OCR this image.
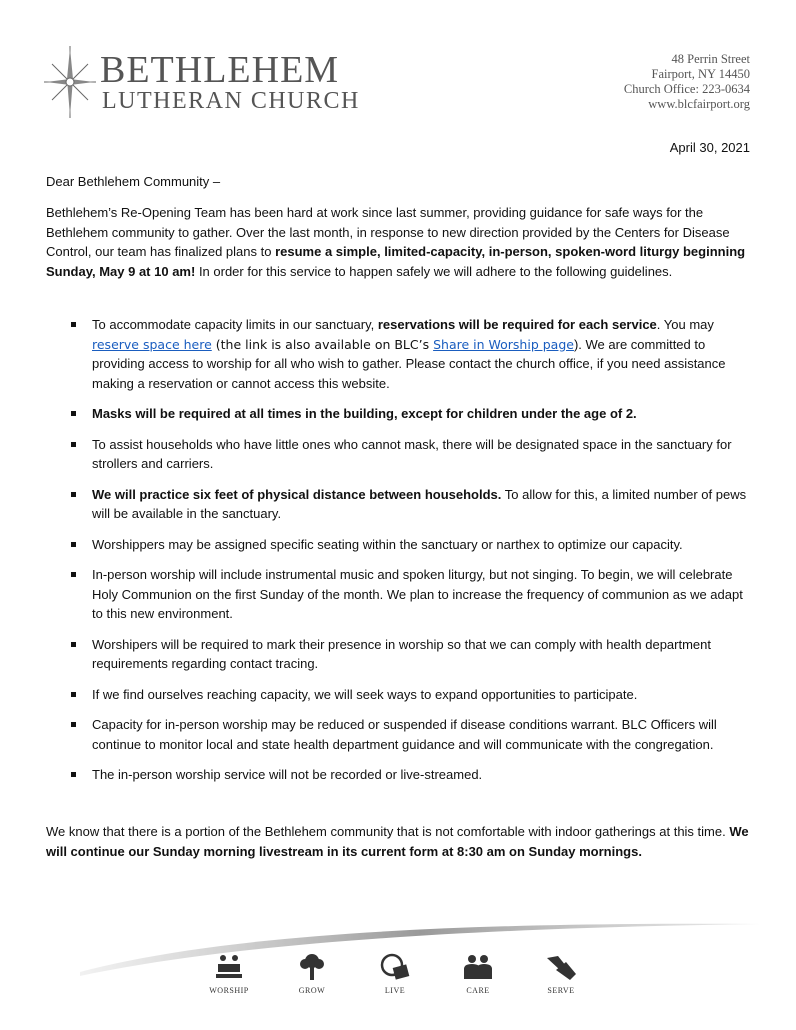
BETHLEHEM
LUTHERAN CHURCH
48 Perrin Street
Fairport, NY 14450
Church Office: 223-0634
www.blcfairport.org
April 30, 2021
Dear Bethlehem Community –
Bethlehem’s Re-Opening Team has been hard at work since last summer, providing guidance for safe ways for the Bethlehem community to gather. Over the last month, in response to new direction provided by the Centers for Disease Control, our team has finalized plans to resume a simple, limited-capacity, in-person, spoken-word liturgy beginning Sunday, May 9 at 10 am! In order for this service to happen safely we will adhere to the following guidelines.
To accommodate capacity limits in our sanctuary, reservations will be required for each service. You may reserve space here (the link is also available on BLC’s Share in Worship page). We are committed to providing access to worship for all who wish to gather. Please contact the church office, if you need assistance making a reservation or cannot access this website.
Masks will be required at all times in the building, except for children under the age of 2.
To assist households who have little ones who cannot mask, there will be designated space in the sanctuary for strollers and carriers.
We will practice six feet of physical distance between households. To allow for this, a limited number of pews will be available in the sanctuary.
Worshippers may be assigned specific seating within the sanctuary or narthex to optimize our capacity.
In-person worship will include instrumental music and spoken liturgy, but not singing. To begin, we will celebrate Holy Communion on the first Sunday of the month. We plan to increase the frequency of communion as we adapt to this new environment.
Worshipers will be required to mark their presence in worship so that we can comply with health department requirements regarding contact tracing.
If we find ourselves reaching capacity, we will seek ways to expand opportunities to participate.
Capacity for in-person worship may be reduced or suspended if disease conditions warrant. BLC Officers will continue to monitor local and state health department guidance and will communicate with the congregation.
The in-person worship service will not be recorded or live-streamed.
We know that there is a portion of the Bethlehem community that is not comfortable with indoor gatherings at this time. We will continue our Sunday morning livestream in its current form at 8:30 am on Sunday mornings.
WORSHIP	GROW	LIVE	CARE	SERVE
